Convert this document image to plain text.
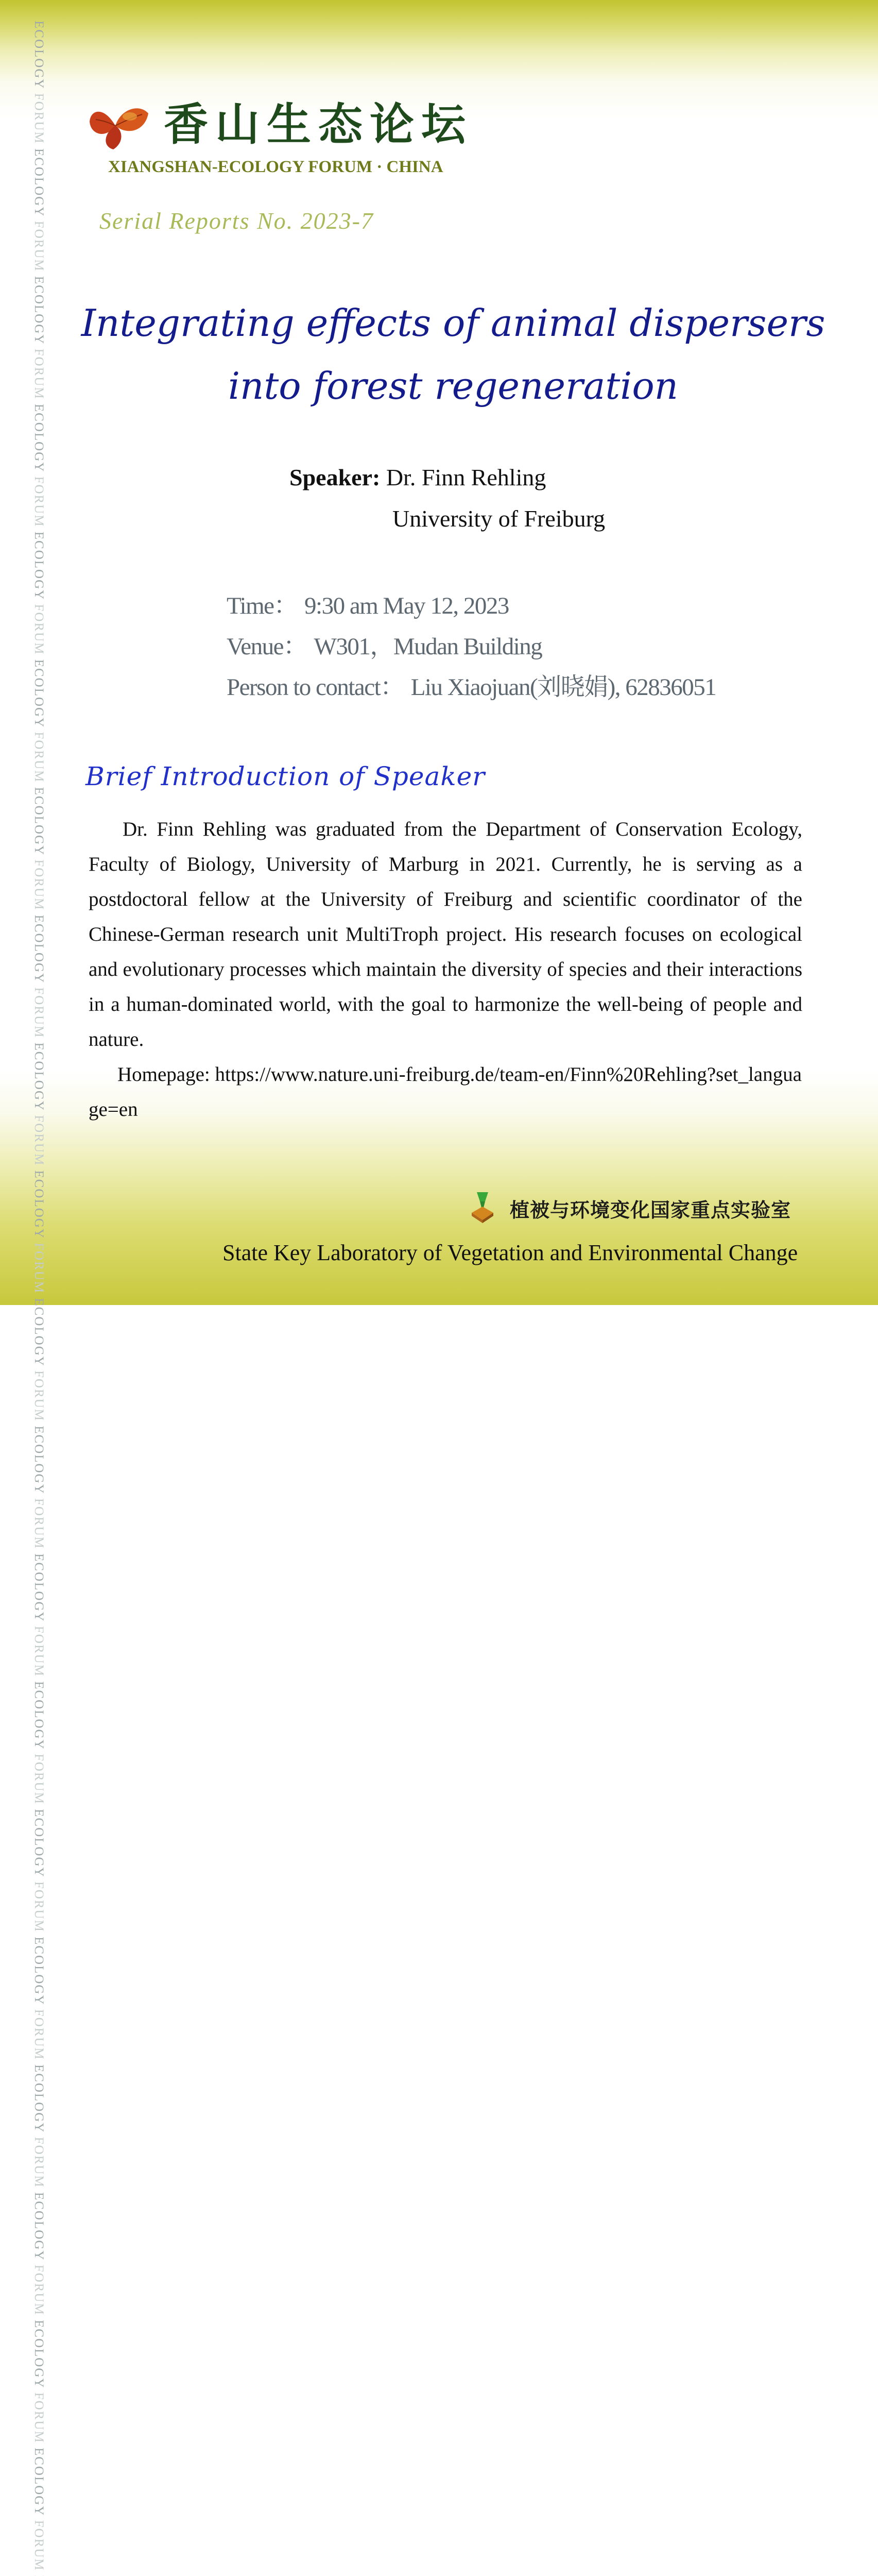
ECOLOGY FORUM ECOLOGY FORUM ECOLOGY FORUM ECOLOGY FORUM ECOLOGY FORUM ECOLOGY FORUM ECOLOGY FORUM ECOLOGY FORUM ECOLOGY FORUM ECOLOGY FORUM ECOLOGY FORUM ECOLOGY FORUM ECOLOGY FORUM ECOLOGY FORUM ECOLOGY FORUM ECOLOGY FORUM ECOLOGY FORUM ECOLOGY FORUM ECOLOGY FORUM ECOLOGY FORUM
香山生态论坛
XIANGSHAN-ECOLOGY FORUM · CHINA
Serial Reports No. 2023-7
Integrating effects of animal dispersers
into forest regeneration
Speaker: Dr. Finn Rehling
University of Freiburg
Time： 9:30 am May 12, 2023
Venue： W301，Mudan Building
Person to contact： Liu Xiaojuan(刘晓娟), 62836051
Brief Introduction of Speaker

Dr. Finn Rehling was graduated from the Department of Conservation Ecology, Faculty of Biology, University of Marburg in 2021. Currently, he is serving as a postdoctoral fellow at the University of Freiburg and scientific coordinator of the Chinese-German research unit MultiTroph project. His research focuses on ecological and evolutionary processes which maintain the diversity of species and their interactions in a human-dominated world, with the goal to harmonize the well-being of people and nature.

Homepage: https://www.nature.uni-freiburg.de/team-en/Finn%20Rehling?set_language=en

植被与环境变化国家重点实验室
State Key Laboratory of Vegetation and Environmental Change
